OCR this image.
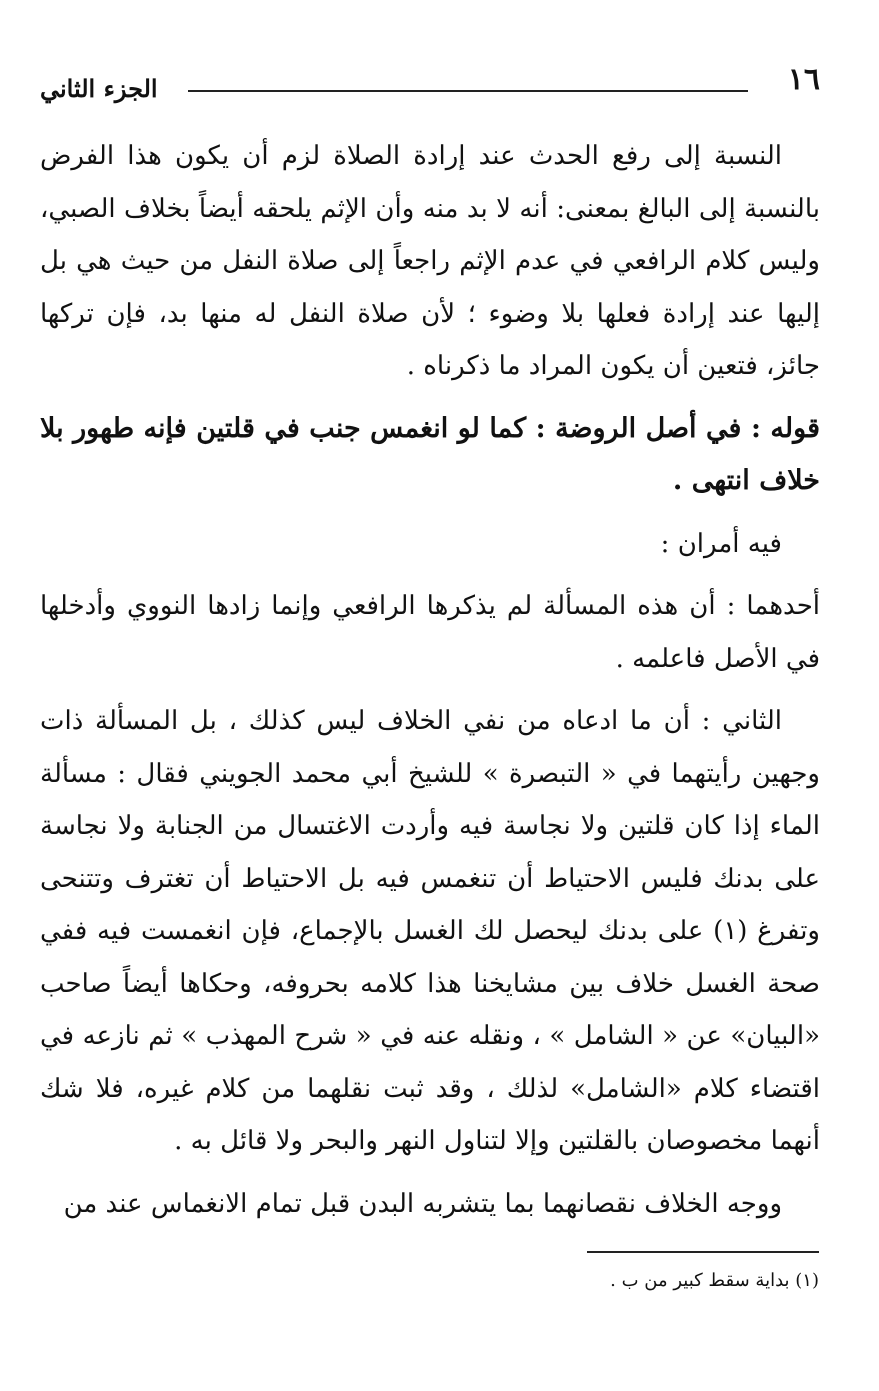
١٦
الجزء الثاني

النسبة إلى رفع الحدث عند إرادة الصلاة لزم أن يكون هذا الفرض بالنسبة إلى البالغ بمعنى: أنه لا بد منه وأن الإثم يلحقه أيضاً بخلاف الصبي، وليس كلام الرافعي في عدم الإثم راجعاً إلى صلاة النفل من حيث هي بل إليها عند إرادة فعلها بلا وضوء ؛ لأن صلاة النفل له منها بد، فإن تركها جائز، فتعين أن يكون المراد ما ذكرناه .

قوله : في أصل الروضة : كما لو انغمس جنب في قلتين فإنه طهور بلا خلاف انتهى .

فيه أمران :

أحدهما : أن هذه المسألة لم يذكرها الرافعي وإنما زادها النووي وأدخلها في الأصل فاعلمه .

الثاني : أن ما ادعاه من نفي الخلاف ليس كذلك ، بل المسألة ذات وجهين رأيتهما في « التبصرة » للشيخ أبي محمد الجويني فقال : مسألة الماء إذا كان قلتين ولا نجاسة فيه وأردت الاغتسال من الجنابة ولا نجاسة على بدنك فليس الاحتياط أن تنغمس فيه بل الاحتياط أن تغترف وتتنحى وتفرغ (١) على بدنك ليحصل لك الغسل بالإجماع، فإن انغمست فيه ففي صحة الغسل خلاف بين مشايخنا هذا كلامه بحروفه، وحكاها أيضاً صاحب «البيان» عن « الشامل » ، ونقله عنه في « شرح المهذب » ثم نازعه في اقتضاء كلام «الشامل» لذلك ، وقد ثبت نقلهما من كلام غيره، فلا شك أنهما مخصوصان بالقلتين وإلا لتناول النهر والبحر ولا قائل به .

ووجه الخلاف نقصانهما بما يتشربه البدن قبل تمام الانغماس عند من

(١) بداية سقط كبير من ب .
